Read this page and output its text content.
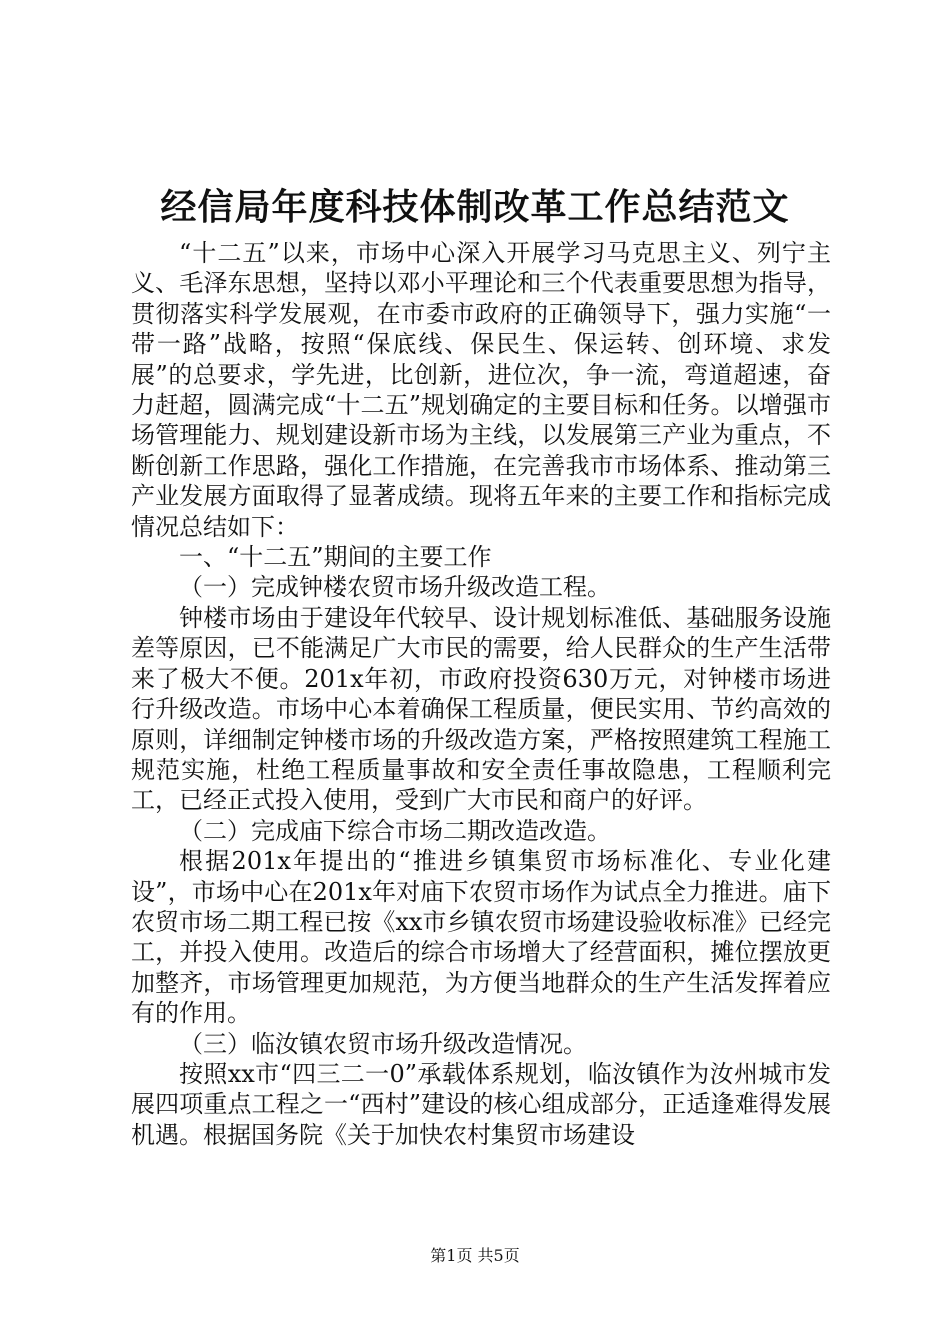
经信局年度科技体制改革工作总结范文

“十二五”以来，市场中心深入开展学习马克思主义、列宁主义、毛泽东思想，坚持以邓小平理论和三个代表重要思想为指导，贯彻落实科学发展观，在市委市政府的正确领导下，强力实施“一带一路”战略，按照“保底线、保民生、保运转、创环境、求发展”的总要求，学先进，比创新，进位次，争一流，弯道超速，奋力赶超，圆满完成“十二五”规划确定的主要目标和任务。以增强市场管理能力、规划建设新市场为主线，以发展第三产业为重点，不断创新工作思路，强化工作措施，在完善我市市场体系、推动第三产业发展方面取得了显著成绩。现将五年来的主要工作和指标完成情况总结如下：

一、“十二五”期间的主要工作

（一）完成钟楼农贸市场升级改造工程。

钟楼市场由于建设年代较早、设计规划标准低、基础服务设施差等原因，已不能满足广大市民的需要，给人民群众的生产生活带来了极大不便。201x年初，市政府投资630万元，对钟楼市场进行升级改造。市场中心本着确保工程质量，便民实用、节约高效的原则，详细制定钟楼市场的升级改造方案，严格按照建筑工程施工规范实施，杜绝工程质量事故和安全责任事故隐患，工程顺利完工，已经正式投入使用，受到广大市民和商户的好评。

（二）完成庙下综合市场二期改造改造。

根据201x年提出的“推进乡镇集贸市场标准化、专业化建设”，市场中心在201x年对庙下农贸市场作为试点全力推进。庙下农贸市场二期工程已按《xx市乡镇农贸市场建设验收标准》已经完工，并投入使用。改造后的综合市场增大了经营面积，摊位摆放更加整齐，市场管理更加规范，为方便当地群众的生产生活发挥着应有的作用。

（三）临汝镇农贸市场升级改造情况。

按照xx市“四三二一0”承载体系规划，临汝镇作为汝州城市发展四项重点工程之一“西村”建设的核心组成部分，正适逢难得发展机遇。根据国务院《关于加快农村集贸市场建设

第1页 共5页
